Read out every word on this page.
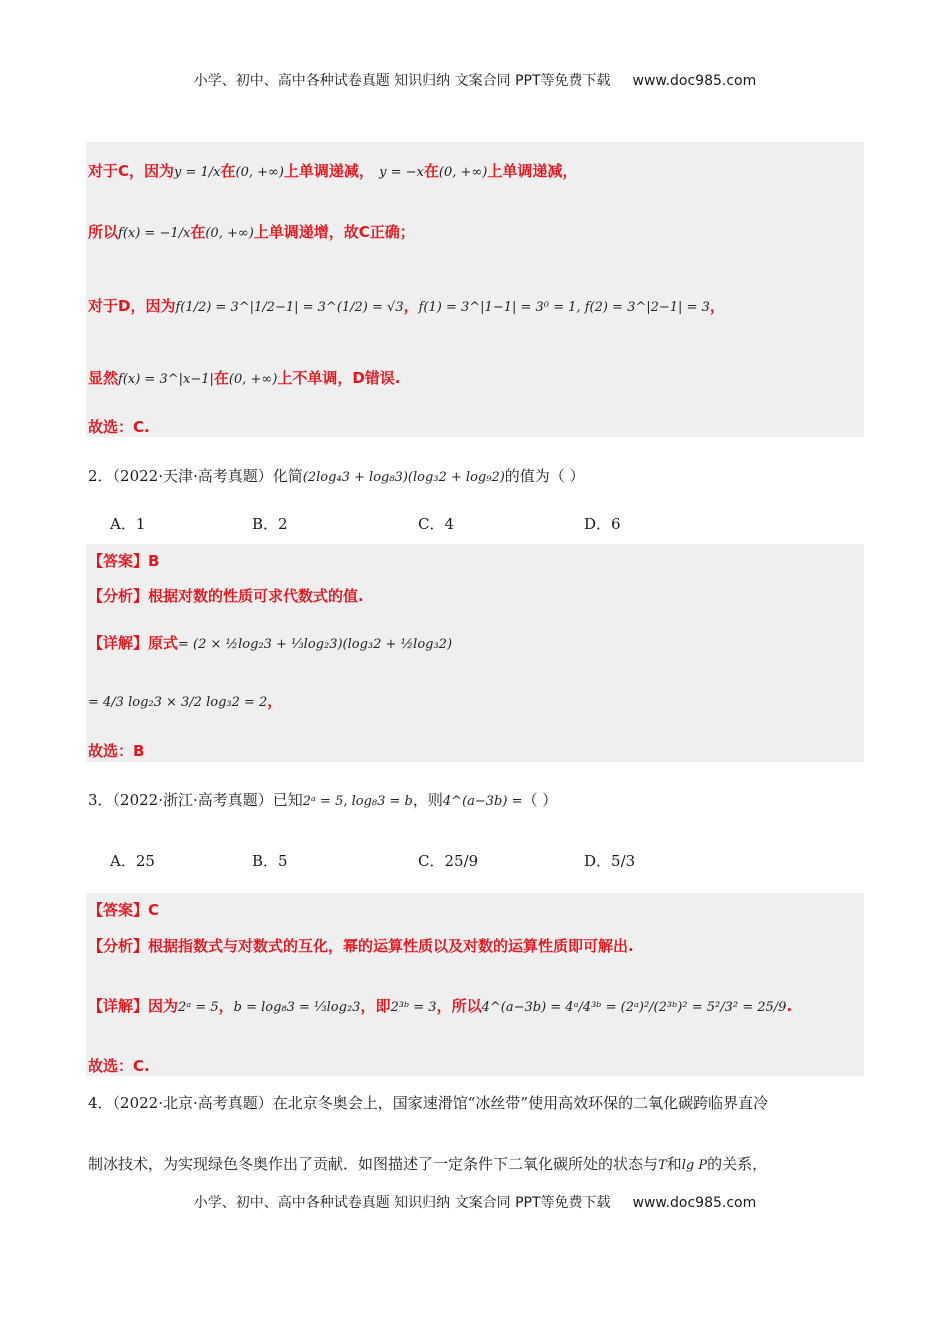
小学、初中、高中各种试卷真题 知识归纳 文案合同 PPT等免费下载 www.doc985.com
对于C，因为y = 1/x在(0, +∞)上单调递减， y = −x在(0, +∞)上单调递减，
所以f(x) = −1/x在(0, +∞)上单调递增，故C正确；
对于D，因为f(1/2) = 3^|1/2−1| = 3^(1/2) = √3，f(1) = 3^|1−1| = 3⁰ = 1, f(2) = 3^|2−1| = 3，
显然f(x) = 3^|x−1|在(0, +∞)上不单调，D错误.
故选：C.
2．（2022·天津·高考真题）化简(2log₄3 + log₈3)(log₃2 + log₉2)的值为（ ）
A．1	B．2	C．4	D．6
【答案】B
【分析】根据对数的性质可求代数式的值.
【详解】原式= (2 × ½log₂3 + ⅓log₂3)(log₃2 + ½log₃2)
= 4/3 log₂3 × 3/2 log₃2 = 2，
故选：B
3．（2022·浙江·高考真题）已知2ᵃ = 5, log₈3 = b，则4^(a−3b) =（ ）
A．25	B．5	C．25/9	D．5/3
【答案】C
【分析】根据指数式与对数式的互化，幂的运算性质以及对数的运算性质即可解出.
【详解】因为2ᵃ = 5，b = log₈3 = ⅓log₂3，即2³ᵇ = 3，所以4^(a−3b) = 4ᵃ/4³ᵇ = (2ᵃ)²/(2³ᵇ)² = 5²/3² = 25/9.
故选：C.
4．（2022·北京·高考真题）在北京冬奥会上，国家速滑馆“冰丝带”使用高效环保的二氧化碳跨临界直冷
制冰技术，为实现绿色冬奥作出了贡献．如图描述了一定条件下二氧化碳所处的状态与T和lg P的关系，
小学、初中、高中各种试卷真题 知识归纳 文案合同 PPT等免费下载 www.doc985.com
